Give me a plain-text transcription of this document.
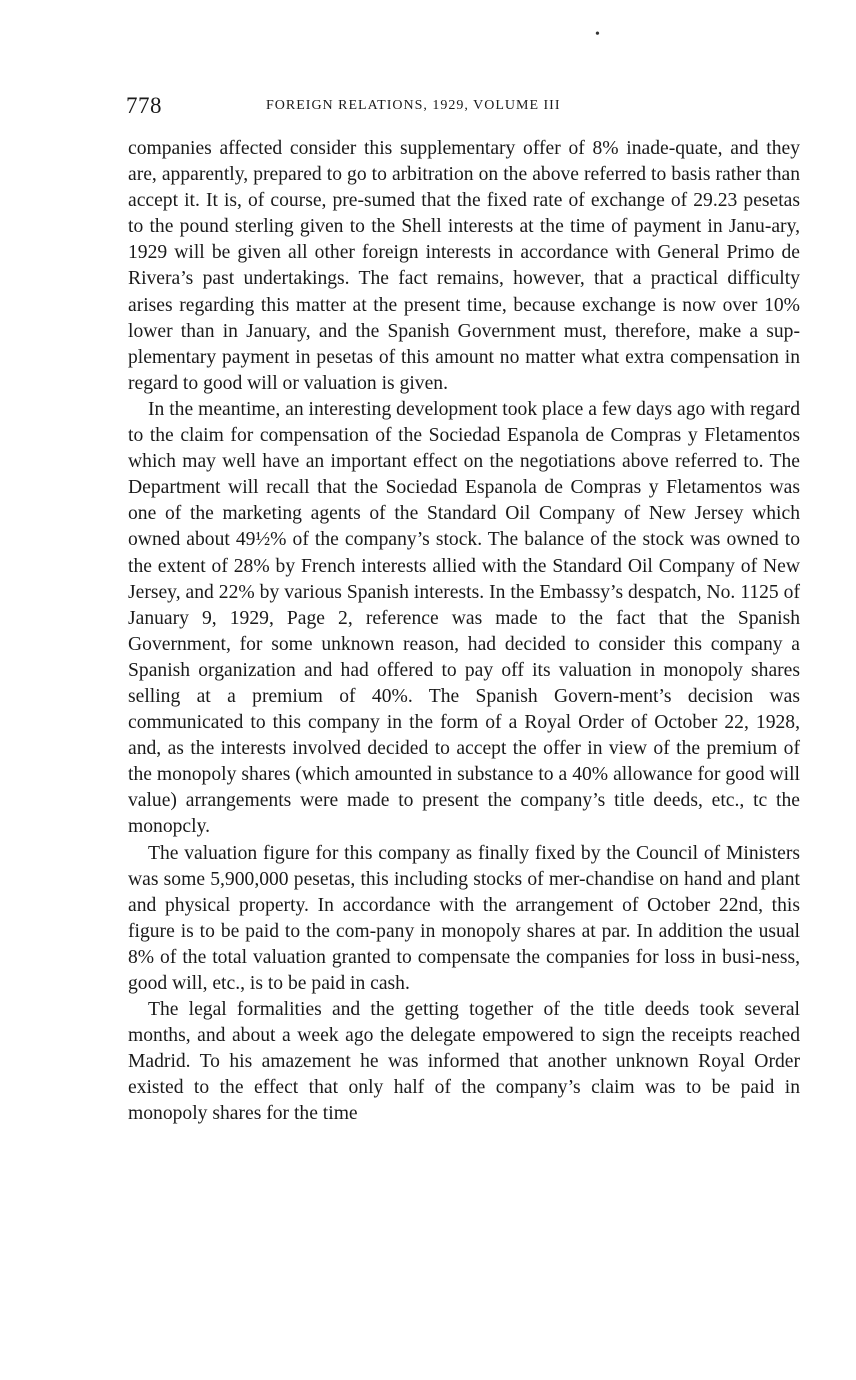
•
778	FOREIGN RELATIONS, 1929, VOLUME III

companies affected consider this supplementary offer of 8% inade-quate, and they are, apparently, prepared to go to arbitration on the above referred to basis rather than accept it. It is, of course, pre-sumed that the fixed rate of exchange of 29.23 pesetas to the pound sterling given to the Shell interests at the time of payment in Janu-ary, 1929 will be given all other foreign interests in accordance with General Primo de Rivera’s past undertakings. The fact remains, however, that a practical difficulty arises regarding this matter at the present time, because exchange is now over 10% lower than in January, and the Spanish Government must, therefore, make a sup-plementary payment in pesetas of this amount no matter what extra compensation in regard to good will or valuation is given.

In the meantime, an interesting development took place a few days ago with regard to the claim for compensation of the Sociedad Espanola de Compras y Fletamentos which may well have an important effect on the negotiations above referred to. The Department will recall that the Sociedad Espanola de Compras y Fletamentos was one of the marketing agents of the Standard Oil Company of New Jersey which owned about 49½% of the company’s stock. The balance of the stock was owned to the extent of 28% by French interests allied with the Standard Oil Company of New Jersey, and 22% by various Spanish interests. In the Embassy’s despatch, No. 1125 of January 9, 1929, Page 2, reference was made to the fact that the Spanish Government, for some unknown reason, had decided to consider this company a Spanish organization and had offered to pay off its valuation in monopoly shares selling at a premium of 40%. The Spanish Govern-ment’s decision was communicated to this company in the form of a Royal Order of October 22, 1928, and, as the interests involved decided to accept the offer in view of the premium of the monopoly shares (which amounted in substance to a 40% allowance for good will value) arrangements were made to present the company’s title deeds, etc., tc the monopcly.

The valuation figure for this company as finally fixed by the Council of Ministers was some 5,900,000 pesetas, this including stocks of mer-chandise on hand and plant and physical property. In accordance with the arrangement of October 22nd, this figure is to be paid to the com-pany in monopoly shares at par. In addition the usual 8% of the total valuation granted to compensate the companies for loss in busi-ness, good will, etc., is to be paid in cash.

The legal formalities and the getting together of the title deeds took several months, and about a week ago the delegate empowered to sign the receipts reached Madrid. To his amazement he was informed that another unknown Royal Order existed to the effect that only half of the company’s claim was to be paid in monopoly shares for the time
